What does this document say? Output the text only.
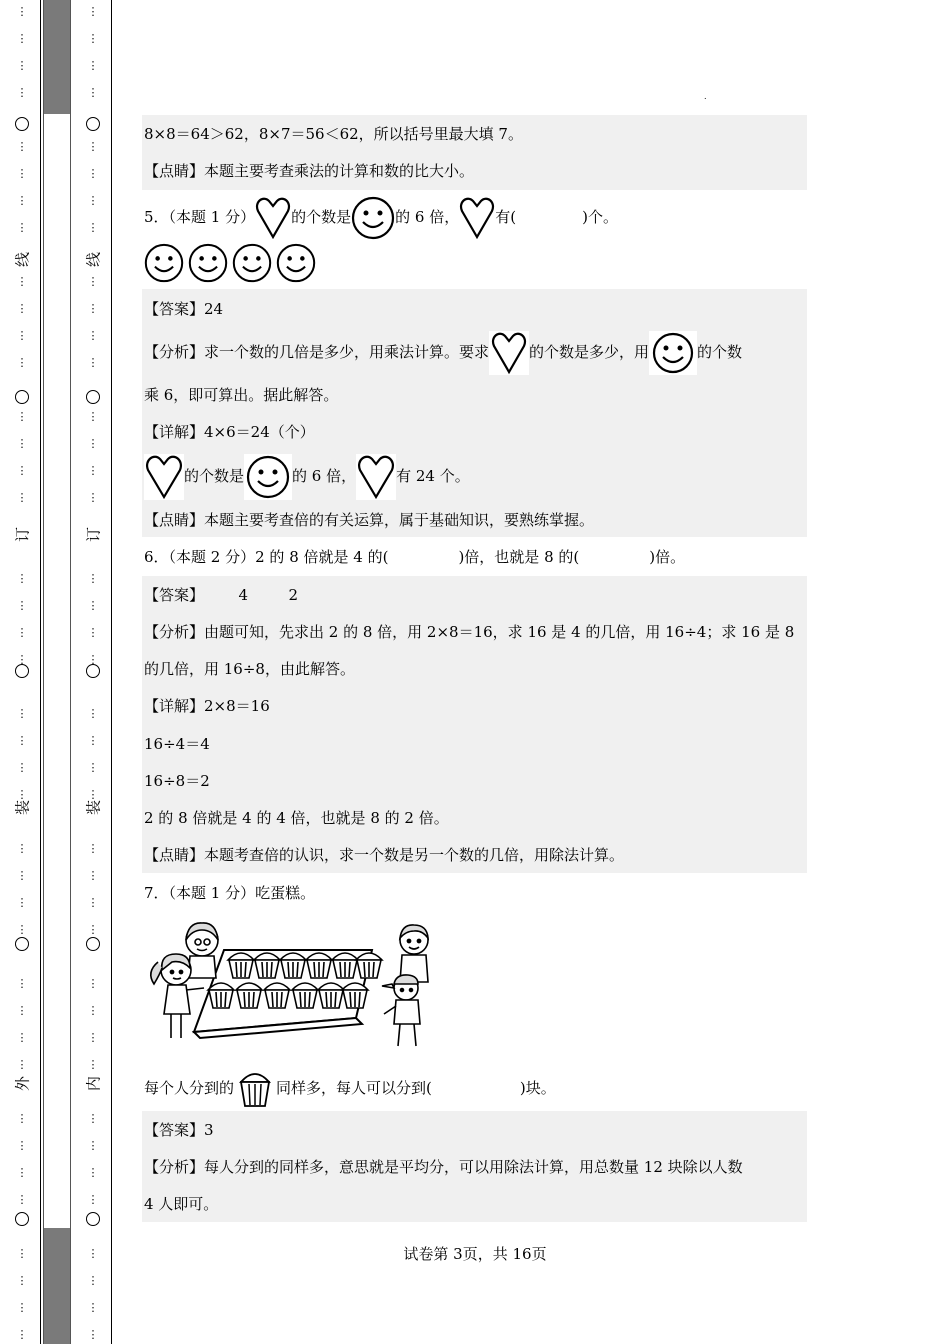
⋮
⋮
⋮
⋮
⋮
⋮
⋮
⋮
⋮
⋮
⋮
⋮
⋮
⋮
⋮
⋮
⋮
⋮
⋮
⋮
⋮
⋮
⋮
⋮
⋮
⋮
⋮
⋮
⋮
⋮
⋮
⋮
⋮
⋮
⋮
⋮
⋮
⋮
⋮
⋮
线
订
装
外
⋮
⋮
⋮
⋮
⋮
⋮
⋮
⋮
⋮
⋮
⋮
⋮
⋮
⋮
⋮
⋮
⋮
⋮
⋮
⋮
⋮
⋮
⋮
⋮
⋮
⋮
⋮
⋮
⋮
⋮
⋮
⋮
⋮
⋮
⋮
⋮
⋮
⋮
⋮
⋮
线
订
装
内
.
8×8＝64＞62，8×7＝56＜62，所以括号里最大填 7。
【点睛】本题主要考查乘法的计算和数的比大小。
5．（本题 1 分） 的个数是	的 6 倍， 有(	)个。
【答案】24
【分析】求一个数的几倍是多少，用乘法计算。要求	的个数是多少，用	的个数
乘 6，即可算出。据此解答。
【详解】4×6＝24（个）
的个数是	的 6 倍，	有 24 个。
【点睛】本题主要考查倍的有关运算，属于基础知识，要熟练掌握。
6．（本题 2 分）2 的 8 倍就是 4 的(	)倍，也就是 8 的(	)倍。
【答案】 4	2
【分析】由题可知，先求出 2 的 8 倍，用 2×8＝16，求 16 是 4 的几倍，用 16÷4；求 16 是 8
的几倍，用 16÷8，由此解答。
【详解】2×8＝16
16÷4＝4
16÷8＝2
2 的 8 倍就是 4 的 4 倍，也就是 8 的 2 倍。
【点睛】本题考查倍的认识，求一个数是另一个数的几倍，用除法计算。
7．（本题 1 分）吃蛋糕。
每个人分到的	同样多，每人可以分到(	)块。
【答案】3
【分析】每人分到的同样多，意思就是平均分，可以用除法计算，用总数量 12 块除以人数
4 人即可。
试卷第 3页，共 16页
